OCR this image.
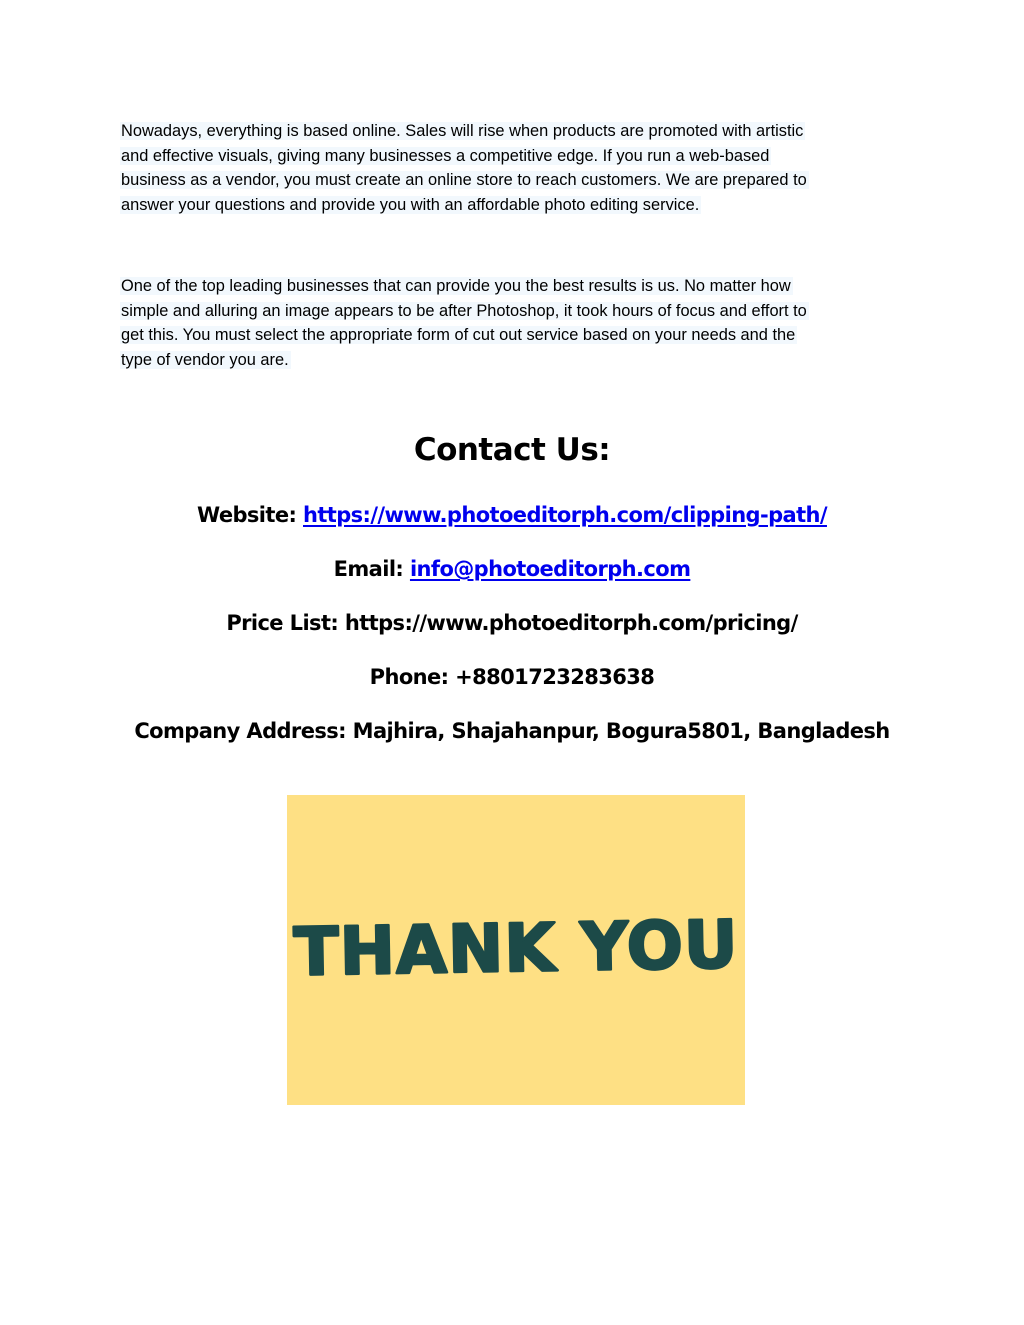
Nowadays, everything is based online. Sales will rise when products are promoted with artistic
and effective visuals, giving many businesses a competitive edge. If you run a web-based
business as a vendor, you must create an online store to reach customers. We are prepared to
answer your questions and provide you with an affordable photo editing service.
One of the top leading businesses that can provide you the best results is us. No matter how
simple and alluring an image appears to be after Photoshop, it took hours of focus and effort to
get this. You must select the appropriate form of cut out service based on your needs and the
type of vendor you are.
Contact Us:
Website: https://www.photoeditorph.com/clipping-path/
Email: info@photoeditorph.com
Price List: https://www.photoeditorph.com/pricing/
Phone: +8801723283638
Company Address: Majhira, Shajahanpur, Bogura5801, Bangladesh
THANK YOU
